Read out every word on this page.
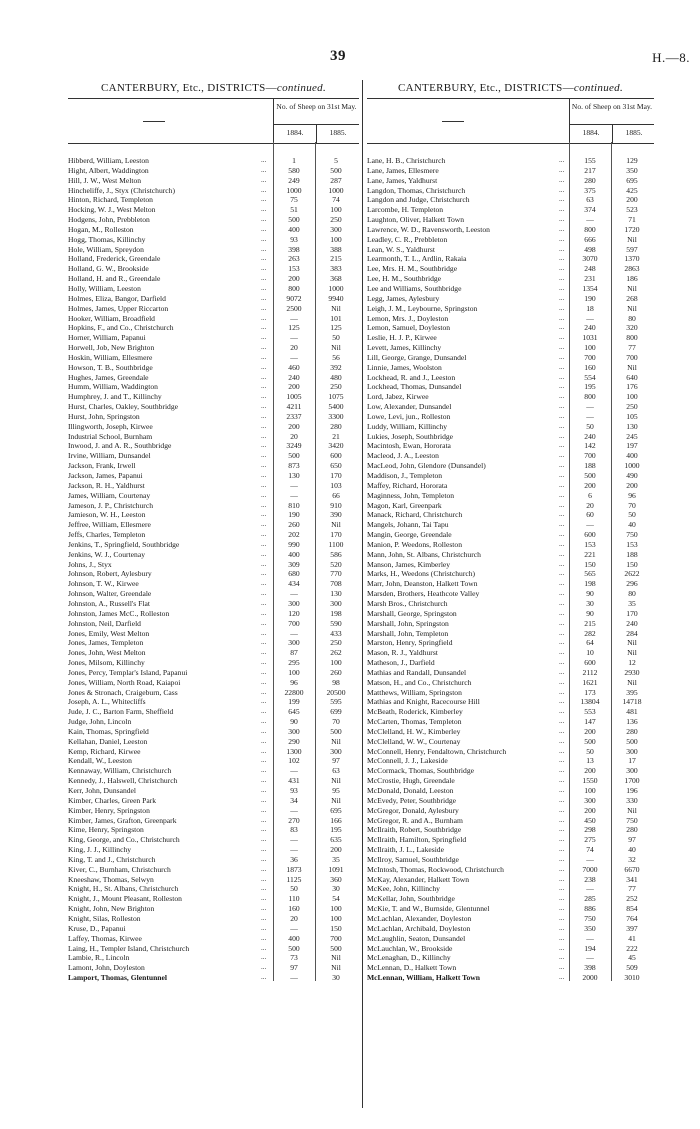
39	H.—8.
CANTERBURY, Etc., DISTRICTS—continued.
No. of Sheep on 31st May.
1884.	1885.
Hibberd, William, Leeston	...	1	5
Hight, Albert, Waddington	...	580	500
Hill, J. W., West Melton	...	249	287
Hincheliffe, J., Styx (Christchurch)	...	1000	1000
Hinton, Richard, Templeton	...	75	74
Hocking, W. J., West Melton	...	51	100
Hodgens, John, Prebbleton	...	500	250
Hogan, M., Rolleston	...	400	300
Hogg, Thomas, Killinchy	...	93	100
Hole, William, Spreydon	...	398	388
Holland, Frederick, Greendale	...	263	215
Holland, G. W., Brookside	...	153	383
Holland, H. and R., Greendale	...	200	368
Holly, William, Leeston	...	800	1000
Holmes, Eliza, Bangor, Darfield	...	9072	9940
Holmes, James, Upper Riccarton	...	2500	Nil
Hooker, William, Broadfield	...	—	101
Hopkins, F., and Co., Christchurch	...	125	125
Horner, William, Papanui	...	—	50
Horwell, Job, New Brighton	...	20	Nil
Hoskin, William, Ellesmere	...	—	56
Howson, T. B., Southbridge	...	460	392
Hughes, James, Greendale	...	240	480
Humm, William, Waddington	...	200	250
Humphrey, J. and T., Killinchy	...	1005	1075
Hurst, Charles, Oakley, Southbridge	...	4211	5400
Hurst, John, Springston	...	2337	3300
Illingworth, Joseph, Kirwee	...	200	280
Industrial School, Burnham	...	20	21
Inwood, J. and A. R., Southbridge	...	3249	3420
Irvine, William, Dunsandel	...	500	600
Jackson, Frank, Irwell	...	873	650
Jackson, James, Papanui	...	130	170
Jackson, R. H., Yaldhurst	...	—	103
James, William, Courtenay	...	—	66
Jameson, J. P., Christchurch	...	810	910
Jamieson, W. H., Leeston	...	190	390
Jeffree, William, Ellesmere	...	260	Nil
Jeffs, Charles, Templeton	...	202	170
Jenkins, T., Springfield, Southbridge	...	990	1100
Jenkins, W. J., Courtenay	...	400	586
Johns, J., Styx	...	309	520
Johnson, Robert, Aylesbury	...	680	770
Johnson, T. W., Kirwee	...	434	708
Johnson, Walter, Greendale	...	—	130
Johnston, A., Russell's Flat	...	300	300
Johnston, James McC., Rolleston	...	120	198
Johnston, Neil, Darfield	...	700	590
Jones, Emily, West Melton	...	—	433
Jones, James, Templeton	...	300	250
Jones, John, West Melton	...	87	262
Jones, Milsom, Killinchy	...	295	100
Jones, Percy, Templar's Island, Papanui	...	100	260
Jones, William, North Road, Kaiapoi	...	96	98
Jones & Stronach, Craigeburn, Cass	...	22800	20500
Joseph, A. L., Whitecliffs	...	199	595
Jude, J. C., Barton Farm, Sheffield	...	645	699
Judge, John, Lincoln	...	90	70
Kain, Thomas, Springfield	...	300	500
Kellahan, Daniel, Leeston	...	290	Nil
Kemp, Richard, Kirwee	...	1300	300
Kendall, W., Leeston	...	102	97
Kennaway, William, Christchurch	...	—	63
Kennedy, J., Halswell, Christchurch	...	431	Nil
Kerr, John, Dunsandel	...	93	95
Kimber, Charles, Green Park	...	34	Nil
Kimber, Henry, Springston	...	—	695
Kimber, James, Grafton, Greenpark	...	270	166
Kime, Henry, Springston	...	83	195
King, George, and Co., Christchurch	...	—	635
King, J. J., Killinchy	...	—	200
King, T. and J., Christchurch	...	36	35
Kiver, C., Burnham, Christchurch	...	1873	1091
Kneeshaw, Thomas, Selwyn	...	1125	360
Knight, H., St. Albans, Christchurch	...	50	30
Knight, J., Mount Pleasant, Rolleston	...	110	54
Knight, John, New Brighton	...	160	100
Knight, Silas, Rolleston	...	20	100
Kruse, D., Papanui	...	—	150
Laffey, Thomas, Kirwee	...	400	700
Laing, H., Templer Island, Christchurch	...	500	500
Lambie, R., Lincoln	...	73	Nil
Lamont, John, Doyleston	...	97	Nil
Lamport, Thomas, Glentunnel	...	—	30
CANTERBURY, Etc., DISTRICTS—continued.
No. of Sheep on 31st May.
1884.	1885.
Lane, H. B., Christchurch	...	155	129
Lane, James, Ellesmere	...	217	350
Lane, James, Yaldhurst	...	280	695
Langdon, Thomas, Christchurch	...	375	425
Langdon and Judge, Christchurch	...	63	200
Larcombe, H. Templeton	...	374	523
Laughton, Oliver, Halkett Town	...	—	71
Lawrence, W. D., Ravensworth, Leeston	...	800	1720
Leadley, C. R., Prebbleton	...	666	Nil
Lean, W. S., Yaldhurst	...	498	597
Learmonth, T. L., Ardlin, Rakaia	...	3070	1370
Lee, Mrs. H. M., Southbridge	...	248	2863
Lee, H. M., Southbridge	...	231	186
Lee and Williams, Southbridge	...	1354	Nil
Legg, James, Aylesbury	...	190	268
Leigh, J. M., Leybourne, Springston	...	18	Nil
Lemon, Mrs. J., Doyleston	...	—	80
Lemon, Samuel, Doyleston	...	240	320
Leslie, H. J. P., Kirwee	...	1031	800
Levett, James, Killinchy	...	100	77
Lill, George, Grange, Dunsandel	...	700	700
Linnie, James, Woolston	...	160	Nil
Lockhead, R. and J., Leeston	...	554	640
Lockhead, Thomas, Dunsandel	...	195	176
Lord, Jabez, Kirwee	...	800	100
Low, Alexander, Dunsandel	...	—	250
Lowe, Levi, jun., Rolleston	...	—	105
Luddy, William, Killinchy	...	50	130
Lukies, Joseph, Southbridge	...	240	245
Macintosh, Ewan, Hororata	...	142	197
Macleod, J. A., Leeston	...	700	400
MacLeod, John, Glendore (Dunsandel)	...	188	1000
Maddison, J., Templeton	...	500	490
Maffey, Richard, Hororata	...	200	200
Maginness, John, Templeton	...	6	96
Magon, Karl, Greenpark	...	20	70
Manack, Richard, Christchurch	...	60	50
Mangels, Johann, Tai Tapu	...	—	40
Mangin, George, Greendale	...	600	750
Manion, P. Weedons, Rolleston	...	153	153
Mann, John, St. Albans, Christchurch	...	221	188
Manson, James, Kimberley	...	150	150
Marks, H., Weedons (Christchurch)	...	565	2622
Marr, John, Deanston, Halkett Town	...	198	296
Marsden, Brothers, Heathcote Valley	...	90	80
Marsh Bros., Christchurch	...	30	35
Marshall, George, Springston	...	90	170
Marshall, John, Springston	...	215	240
Marshall, John, Templeton	...	282	284
Marston, Henry, Springfield	...	64	Nil
Mason, R. J., Yaldhurst	...	10	Nil
Matheson, J., Darfield	...	600	12
Mathias and Randall, Dunsandel	...	2112	2930
Matson, H., and Co., Christchurch	...	1621	Nil
Matthews, William, Springston	...	173	395
Mathias and Knight, Racecourse Hill	...	13804	14718
McBeath, Roderick, Kimberley	...	553	481
McCarten, Thomas, Templeton	...	147	136
McClelland, H. W., Kimberley	...	200	280
McClelland, W. W., Courtenay	...	500	500
McConnell, Henry, Fendaltown, Christchurch	...	50	300
McConnell, J. J., Lakeside	...	13	17
McCormack, Thomas, Southbridge	...	200	300
McCrostie, Hugh, Greendale	...	1550	1700
McDonald, Donald, Leeston	...	100	196
McEvedy, Peter, Southbridge	...	300	330
McGregor, Donald, Aylesbury	...	200	Nil
McGregor, R. and A., Burnham	...	450	750
McIlraith, Robert, Southbridge	...	298	280
McIlraith, Hamilton, Springfield	...	275	97
McIlraith, J. L., Lakeside	...	74	40
McIlroy, Samuel, Southbridge	...	—	32
McIntosh, Thomas, Rockwood, Christchurch	...	7000	6670
McKay, Alexander, Halkett Town	...	238	341
McKee, John, Killinchy	...	—	77
McKellar, John, Southbridge	...	285	252
McKie, T. and W., Burnside, Glentunnel	...	886	854
McLachlan, Alexander, Doyleston	...	750	764
McLachlan, Archibald, Doyleston	...	350	397
McLaughlin, Seaton, Dunsandel	...	—	41
McLauchlan, W., Brookside	...	194	222
McLenaghan, D., Killinchy	...	—	45
McLennan, D., Halkett Town	...	398	509
McLennan, William, Halkett Town	...	2000	3010
